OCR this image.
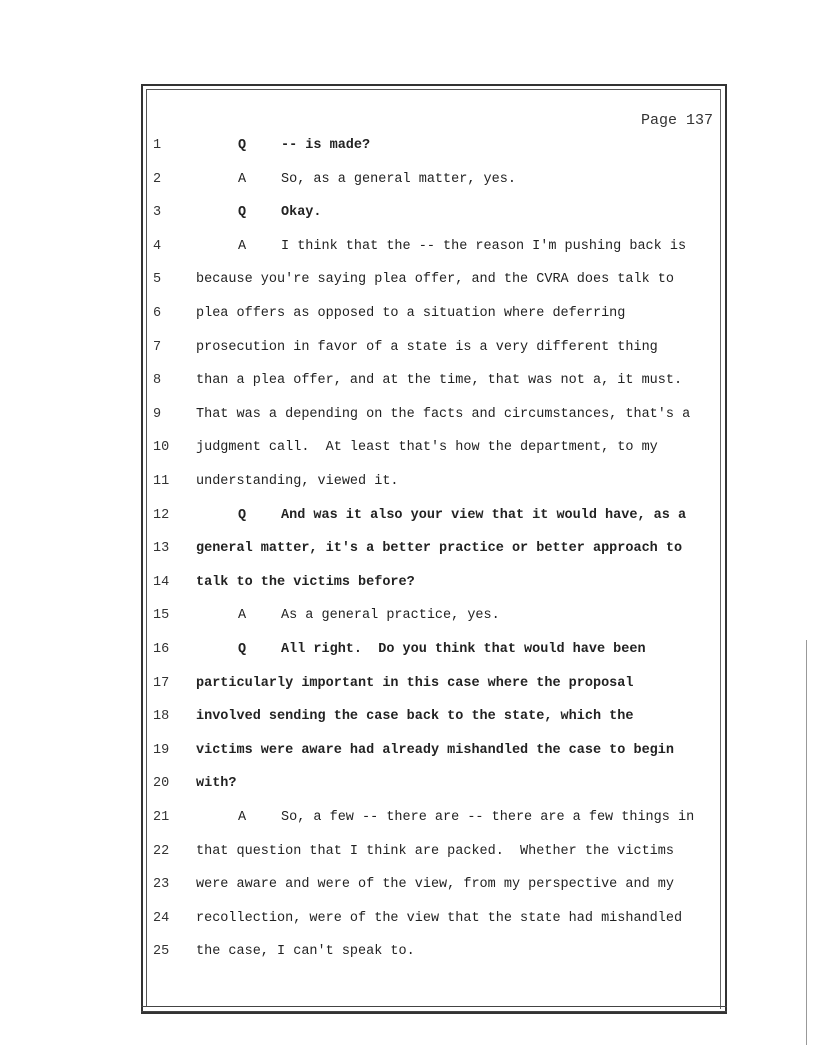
Page 137
1	Q	-- is made?
2	A	So, as a general matter, yes.
3	Q	Okay.
4	A	I think that the -- the reason I'm pushing back is
5	because you're saying plea offer, and the CVRA does talk to
6	plea offers as opposed to a situation where deferring
7	prosecution in favor of a state is a very different thing
8	than a plea offer, and at the time, that was not a, it must.
9	That was a depending on the facts and circumstances, that's a
10 judgment call.  At least that's how the department, to my
11 understanding, viewed it.
12	Q	And was it also your view that it would have, as a
13 general matter, it's a better practice or better approach to
14 talk to the victims before?
15	A	As a general practice, yes.
16	Q	All right.  Do you think that would have been
17 particularly important in this case where the proposal
18 involved sending the case back to the state, which the
19 victims were aware had already mishandled the case to begin
20 with?
21	A	So, a few -- there are -- there are a few things in
22 that question that I think are packed.  Whether the victims
23 were aware and were of the view, from my perspective and my
24 recollection, were of the view that the state had mishandled
25 the case, I can't speak to.
